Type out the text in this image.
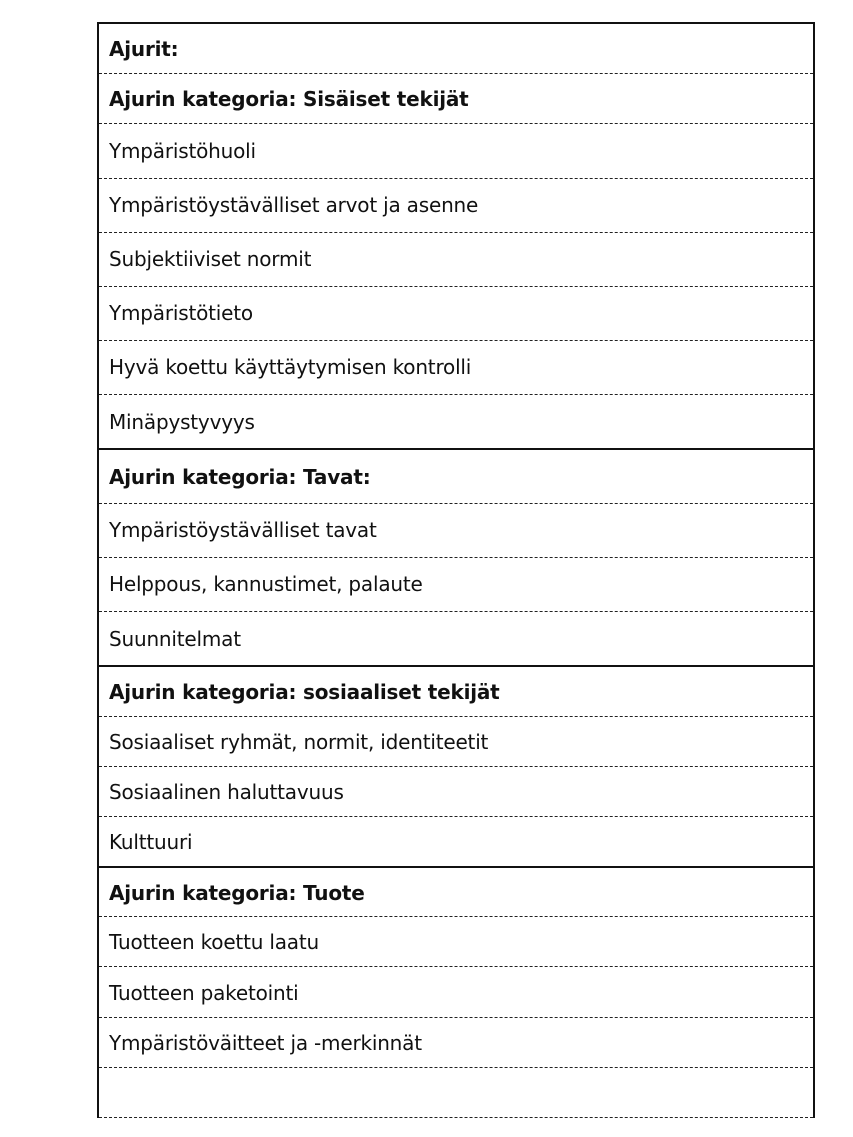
Ajurit:
Ajurin kategoria: Sisäiset tekijät
Ympäristöhuoli
Ympäristöystävälliset arvot ja asenne
Subjektiiviset normit
Ympäristötieto
Hyvä koettu käyttäytymisen kontrolli
Minäpystyvyys
Ajurin kategoria: Tavat:
Ympäristöystävälliset tavat
Helppous, kannustimet, palaute
Suunnitelmat
Ajurin kategoria: sosiaaliset tekijät
Sosiaaliset ryhmät, normit, identiteetit
Sosiaalinen haluttavuus
Kulttuuri
Ajurin kategoria: Tuote
Tuotteen koettu laatu
Tuotteen paketointi
Ympäristöväitteet ja -merkinnät
